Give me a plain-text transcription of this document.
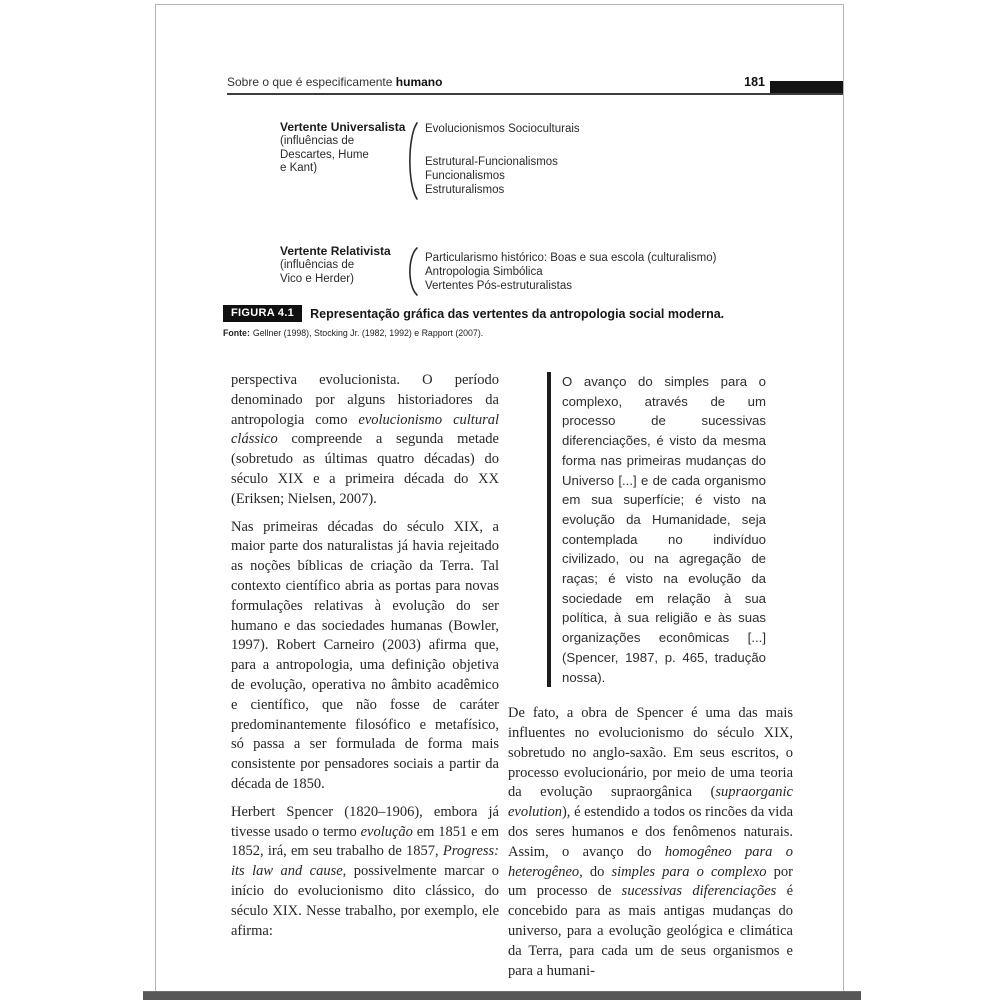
Sobre o que é especificamente humano	181
Vertente Universalista
(influências de
Descartes, Hume
e Kant)
Evolucionismos Socioculturais
Estrutural-Funcionalismos
Funcionalismos
Estruturalismos
Vertente Relativista
(influências de
Vico e Herder)
Particularismo histórico: Boas e sua escola (culturalismo)
Antropologia Simbólica
Vertentes Pós-estruturalistas
FIGURA 4.1	Representação gráfica das vertentes da antropologia social moderna.
Fonte: Gellner (1998), Stocking Jr. (1982, 1992) e Rapport (2007).

perspectiva evolucionista. O período denominado por alguns historiadores da antropologia como evolucionismo cultural clássico compreende a segunda metade (sobretudo as últimas quatro décadas) do século XIX e a primeira década do XX (Eriksen; Nielsen, 2007).

Nas primeiras décadas do século XIX, a maior parte dos naturalistas já havia rejeitado as noções bíblicas de criação da Terra. Tal contexto científico abria as portas para novas formulações relativas à evolução do ser humano e das sociedades humanas (Bowler, 1997). Robert Carneiro (2003) afirma que, para a antropologia, uma definição objetiva de evolução, operativa no âmbito acadêmico e científico, que não fosse de caráter predominantemente filosófico e metafísico, só passa a ser formulada de forma mais consistente por pensadores sociais a partir da década de 1850.

Herbert Spencer (1820–1906), embora já tivesse usado o termo evolução em 1851 e em 1852, irá, em seu trabalho de 1857, Progress: its law and cause, possivelmente marcar o início do evolucionismo dito clássico, do século XIX. Nesse trabalho, por exemplo, ele afirma:

O avanço do simples para o complexo, através de um processo de sucessivas diferenciações, é visto da mesma forma nas primeiras mudanças do Universo [...] e de cada organismo em sua superfície; é visto na evolução da Humanidade, seja contemplada no indivíduo civilizado, ou na agregação de raças; é visto na evolução da sociedade em relação à sua política, à sua religião e às suas organizações econômicas [...] (Spencer, 1987, p. 465, tradução nossa).

De fato, a obra de Spencer é uma das mais influentes no evolucionismo do século XIX, sobretudo no anglo-saxão. Em seus escritos, o processo evolucionário, por meio de uma teoria da evolução supraorgânica (supraorganic evolution), é estendido a todos os rincões da vida dos seres humanos e dos fenômenos naturais. Assim, o avanço do homogêneo para o heterogêneo, do simples para o complexo por um processo de sucessivas diferenciações é concebido para as mais antigas mudanças do universo, para a evolução geológica e climática da Terra, para cada um de seus organismos e para a humani-
